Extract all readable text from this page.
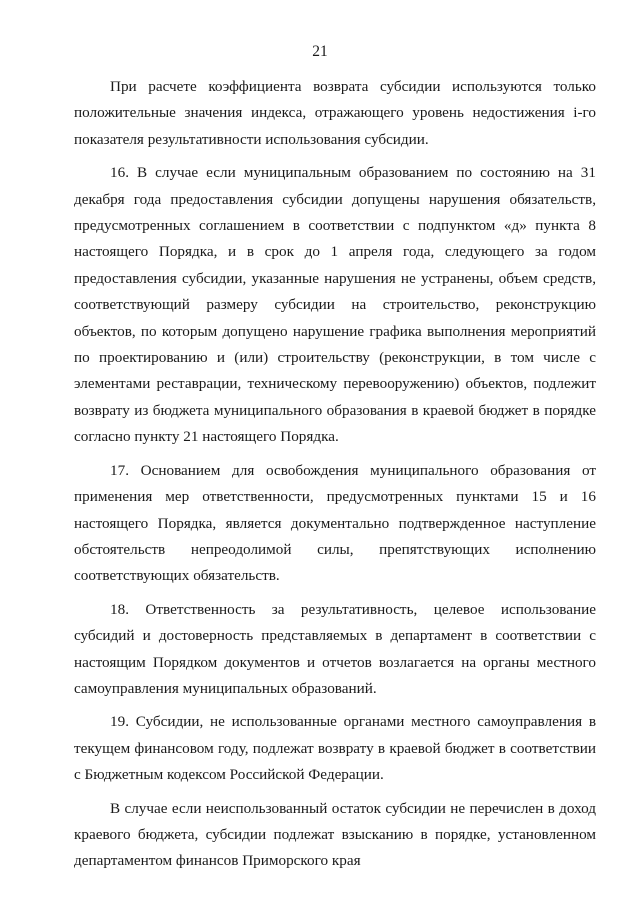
21

При расчете коэффициента возврата субсидии используются только положительные значения индекса, отражающего уровень недостижения i-го показателя результативности использования субсидии.

16. В случае если муниципальным образованием по состоянию на 31 декабря года предоставления субсидии допущены нарушения обязательств, предусмотренных соглашением в соответствии с подпунктом «д» пункта 8 настоящего Порядка, и в срок до 1 апреля года, следующего за годом предоставления субсидии, указанные нарушения не устранены, объем средств, соответствующий размеру субсидии на строительство, реконструкцию объектов, по которым допущено нарушение графика выполнения мероприятий по проектированию и (или) строительству (реконструкции, в том числе с элементами реставрации, техническому перевооружению) объектов, подлежит возврату из бюджета муниципального образования в краевой бюджет в порядке согласно пункту 21 настоящего Порядка.

17. Основанием для освобождения муниципального образования от применения мер ответственности, предусмотренных пунктами 15 и 16 настоящего Порядка, является документально подтвержденное наступление обстоятельств непреодолимой силы, препятствующих исполнению соответствующих обязательств.

18. Ответственность за результативность, целевое использование субсидий и достоверность представляемых в департамент в соответствии с настоящим Порядком документов и отчетов возлагается на органы местного самоуправления муниципальных образований.

19. Субсидии, не использованные органами местного самоуправления в текущем финансовом году, подлежат возврату в краевой бюджет в соответствии с Бюджетным кодексом Российской Федерации.

В случае если неиспользованный остаток субсидии не перечислен в доход краевого бюджета, субсидии подлежат взысканию в порядке, установленном департаментом финансов Приморского края
